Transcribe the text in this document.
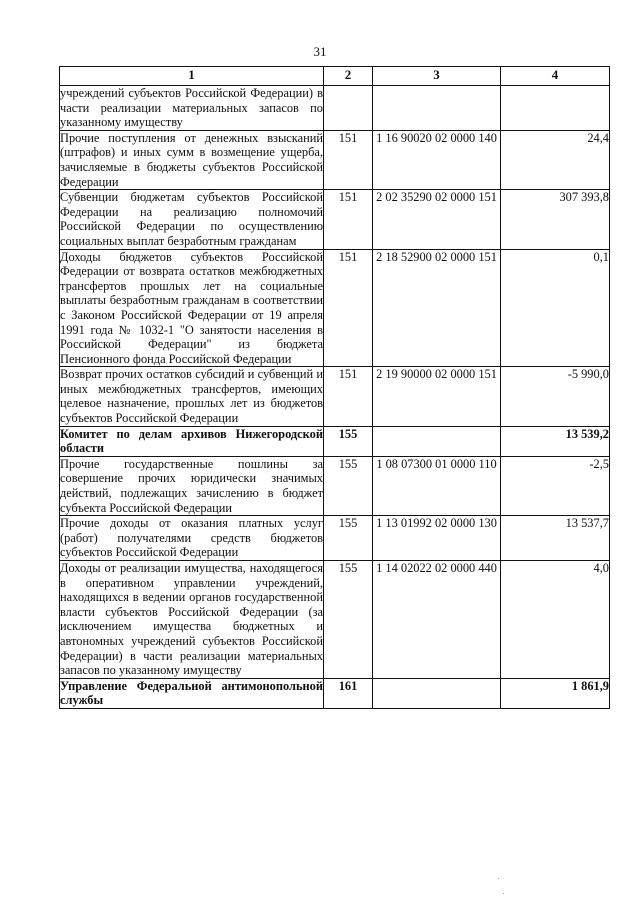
31
1	2	3	4
учреждений субъектов Российской Федерации) в части реализации материальных запасов по указанному имуществу			
Прочие поступления от денежных взысканий (штрафов) и иных сумм в возмещение ущерба, зачисляемые в бюджеты субъектов Российской Федерации	151	1 16 90020 02 0000 140	24,4
Субвенции бюджетам субъектов Российской Федерации на реализацию полномочий Российской Федерации по осуществлению социальных выплат безработным гражданам	151	2 02 35290 02 0000 151	307 393,8
Доходы бюджетов субъектов Российской Федерации от возврата остатков межбюджетных трансфертов прошлых лет на социальные выплаты безработным гражданам в соответствии с Законом Российской Федерации от 19 апреля 1991 года № 1032-1 "О занятости населения в Российской Федерации" из бюджета Пенсионного фонда Российской Федерации	151	2 18 52900 02 0000 151	0,1
Возврат прочих остатков субсидий и субвенций и иных межбюджетных трансфертов, имеющих целевое назначение, прошлых лет из бюджетов субъектов Российской Федерации	151	2 19 90000 02 0000 151	-5 990,0
Комитет по делам архивов Нижегородской области	155		13 539,2
Прочие государственные пошлины за совершение прочих юридически значимых действий, подлежащих зачислению в бюджет субъекта Российской Федерации	155	1 08 07300 01 0000 110	-2,5
Прочие доходы от оказания платных услуг (работ) получателями средств бюджетов субъектов Российской Федерации	155	1 13 01992 02 0000 130	13 537,7
Доходы от реализации имущества, находящегося в оперативном управлении учреждений, находящихся в ведении органов государственной власти субъектов Российской Федерации (за исключением имущества бюджетных и автономных учреждений субъектов Российской Федерации) в части реализации материальных запасов по указанному имуществу	155	1 14 02022 02 0000 440	4,0
Управление Федеральной антимонопольной службы	161		1 861,9
